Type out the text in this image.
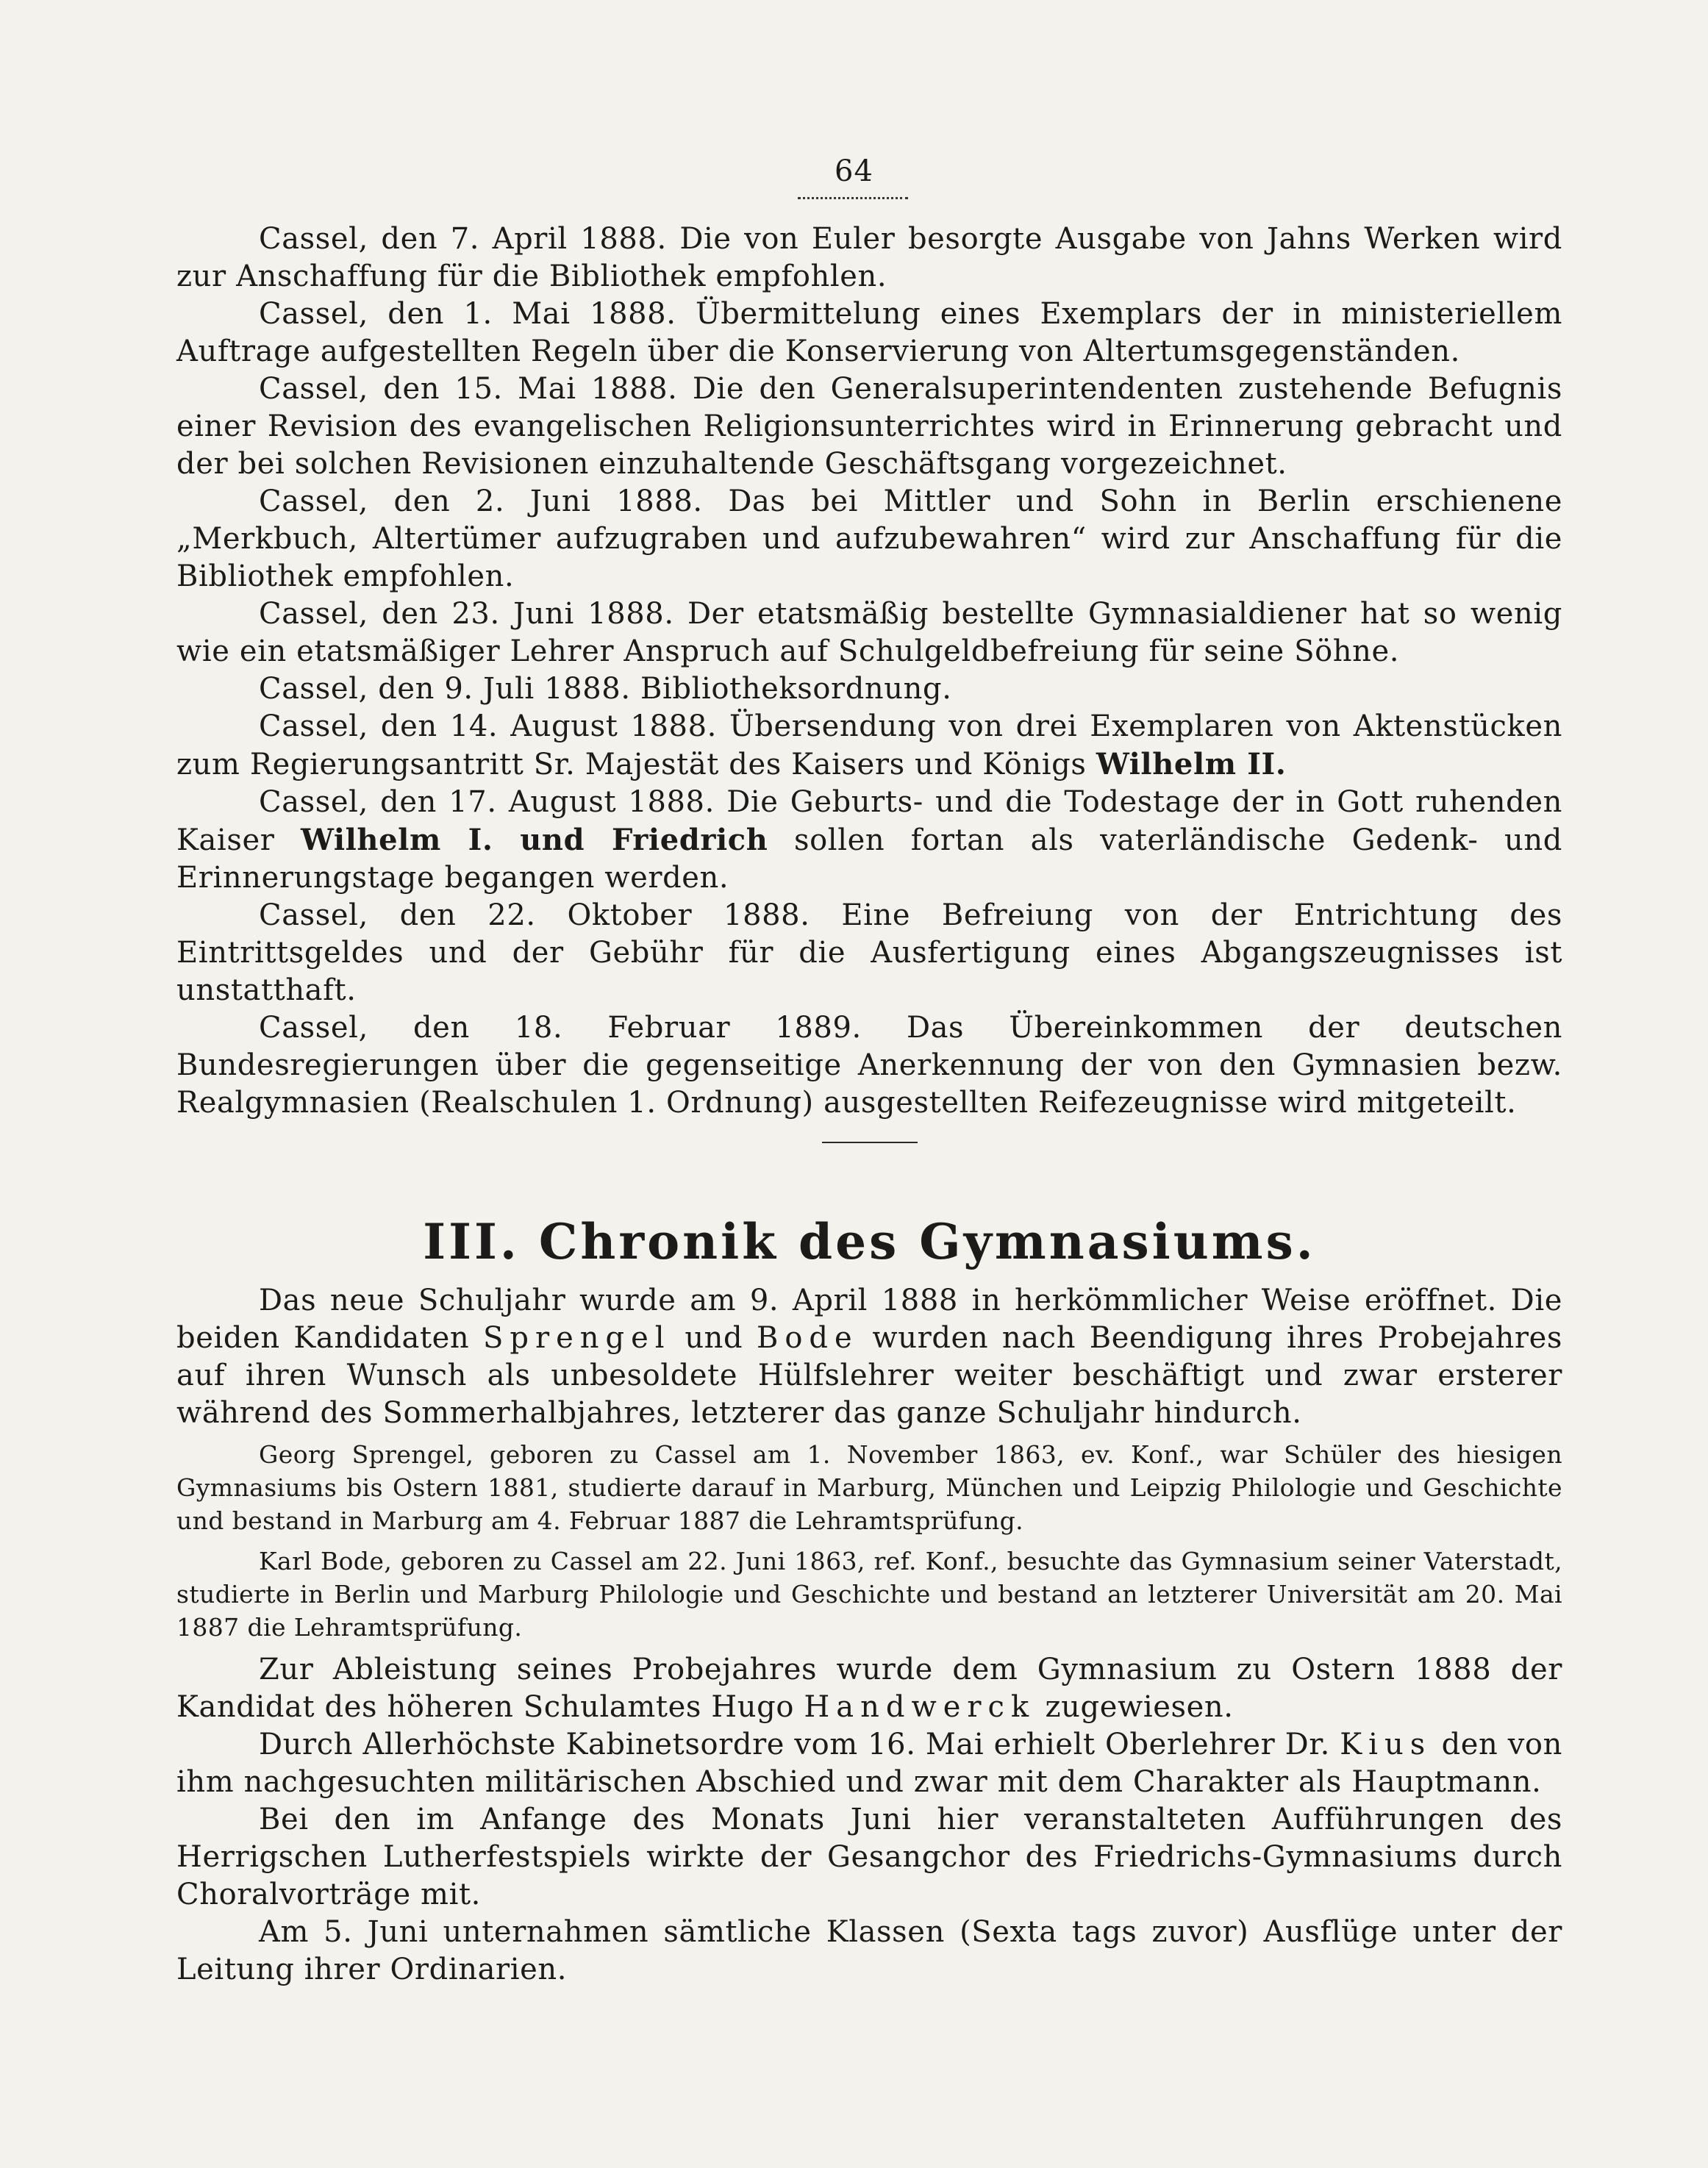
64

Cassel, den 7. April 1888. Die von Euler besorgte Ausgabe von Jahns Werken wird zur Anschaffung für die Bibliothek empfohlen.

Cassel, den 1. Mai 1888. Übermittelung eines Exemplars der in ministeriellem Auftrage aufgestellten Regeln über die Konservierung von Altertumsgegenständen.

Cassel, den 15. Mai 1888. Die den Generalsuperintendenten zustehende Befugnis einer Revision des evangelischen Religionsunterrichtes wird in Erinnerung gebracht und der bei solchen Revisionen einzuhaltende Geschäftsgang vorgezeichnet.

Cassel, den 2. Juni 1888. Das bei Mittler und Sohn in Berlin erschienene „Merkbuch, Altertümer aufzugraben und aufzubewahren“ wird zur Anschaffung für die Bibliothek empfohlen.

Cassel, den 23. Juni 1888. Der etatsmäßig bestellte Gymnasialdiener hat so wenig wie ein etatsmäßiger Lehrer Anspruch auf Schulgeldbefreiung für seine Söhne.

Cassel, den 9. Juli 1888. Bibliotheksordnung.

Cassel, den 14. August 1888. Übersendung von drei Exemplaren von Aktenstücken zum Regierungsantritt Sr. Majestät des Kaisers und Königs Wilhelm II.

Cassel, den 17. August 1888. Die Geburts- und die Todestage der in Gott ruhenden Kaiser Wilhelm I. und Friedrich sollen fortan als vaterländische Gedenk- und Erinnerungstage begangen werden.

Cassel, den 22. Oktober 1888. Eine Befreiung von der Entrichtung des Eintrittsgeldes und der Gebühr für die Ausfertigung eines Abgangszeugnisses ist unstatthaft.

Cassel, den 18. Februar 1889. Das Übereinkommen der deutschen Bundesregierungen über die gegenseitige Anerkennung der von den Gymnasien bezw. Realgymnasien (Realschulen 1. Ordnung) ausgestellten Reifezeugnisse wird mitgeteilt.

III. Chronik des Gymnasiums.

Das neue Schuljahr wurde am 9. April 1888 in herkömmlicher Weise eröffnet. Die beiden Kandidaten Sprengel und Bode wurden nach Beendigung ihres Probejahres auf ihren Wunsch als unbesoldete Hülfslehrer weiter beschäftigt und zwar ersterer während des Sommerhalbjahres, letzterer das ganze Schuljahr hindurch.

Georg Sprengel, geboren zu Cassel am 1. November 1863, ev. Konf., war Schüler des hiesigen Gymnasiums bis Ostern 1881, studierte darauf in Marburg, München und Leipzig Philologie und Geschichte und bestand in Marburg am 4. Februar 1887 die Lehramtsprüfung.

Karl Bode, geboren zu Cassel am 22. Juni 1863, ref. Konf., besuchte das Gymnasium seiner Vaterstadt, studierte in Berlin und Marburg Philologie und Geschichte und bestand an letzterer Universität am 20. Mai 1887 die Lehramtsprüfung.

Zur Ableistung seines Probejahres wurde dem Gymnasium zu Ostern 1888 der Kandidat des höheren Schulamtes Hugo Handwerck zugewiesen.

Durch Allerhöchste Kabinetsordre vom 16. Mai erhielt Oberlehrer Dr. Kius den von ihm nachgesuchten militärischen Abschied und zwar mit dem Charakter als Hauptmann.

Bei den im Anfange des Monats Juni hier veranstalteten Aufführungen des Herrigschen Lutherfestspiels wirkte der Gesangchor des Friedrichs-Gymnasiums durch Choralvorträge mit.

Am 5. Juni unternahmen sämtliche Klassen (Sexta tags zuvor) Ausflüge unter der Leitung ihrer Ordinarien.
